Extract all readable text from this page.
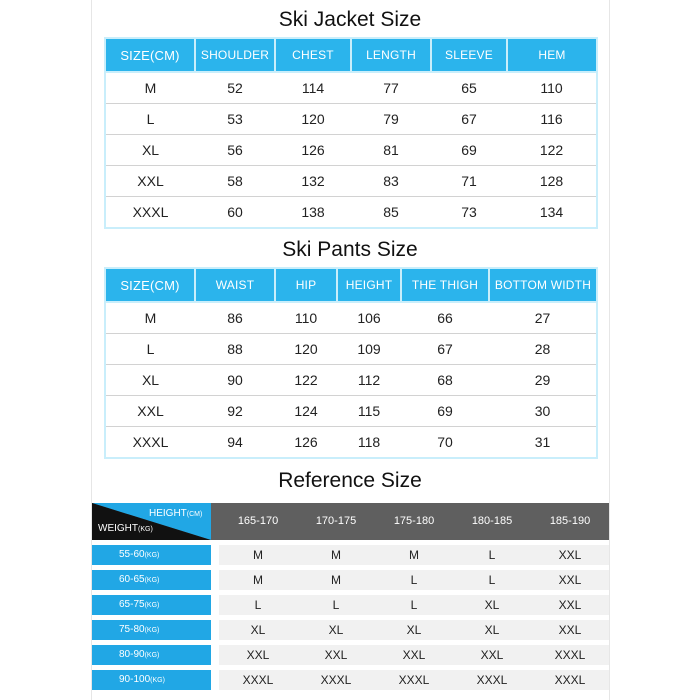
Ski Jacket Size
SIZE(CM)	SHOULDER	CHEST	LENGTH	SLEEVE	HEM
M	52	114	77	65	110
L	53	120	79	67	116
XL	56	126	81	69	122
XXL	58	132	83	71	128
XXXL	60	138	85	73	134
Ski Pants Size
SIZE(CM)	WAIST	HIP	HEIGHT	THE THIGH	BOTTOM WIDTH
M	86	110	106	66	27
L	88	120	109	67	28
XL	90	122	112	68	29
XXL	92	124	115	69	30
XXXL	94	126	118	70	31
Reference Size
HEIGHT(CM)
WEIGHT(KG)
165-170	170-175	175-180	180-185	185-190
55-60(KG)	M	M	M	L	XXL
60-65(KG)	M	M	L	L	XXL
65-75(KG)	L	L	L	XL	XXL
75-80(KG)	XL	XL	XL	XL	XXL
80-90(KG)	XXL	XXL	XXL	XXL	XXXL
90-100(KG)	XXXL	XXXL	XXXL	XXXL	XXXL
